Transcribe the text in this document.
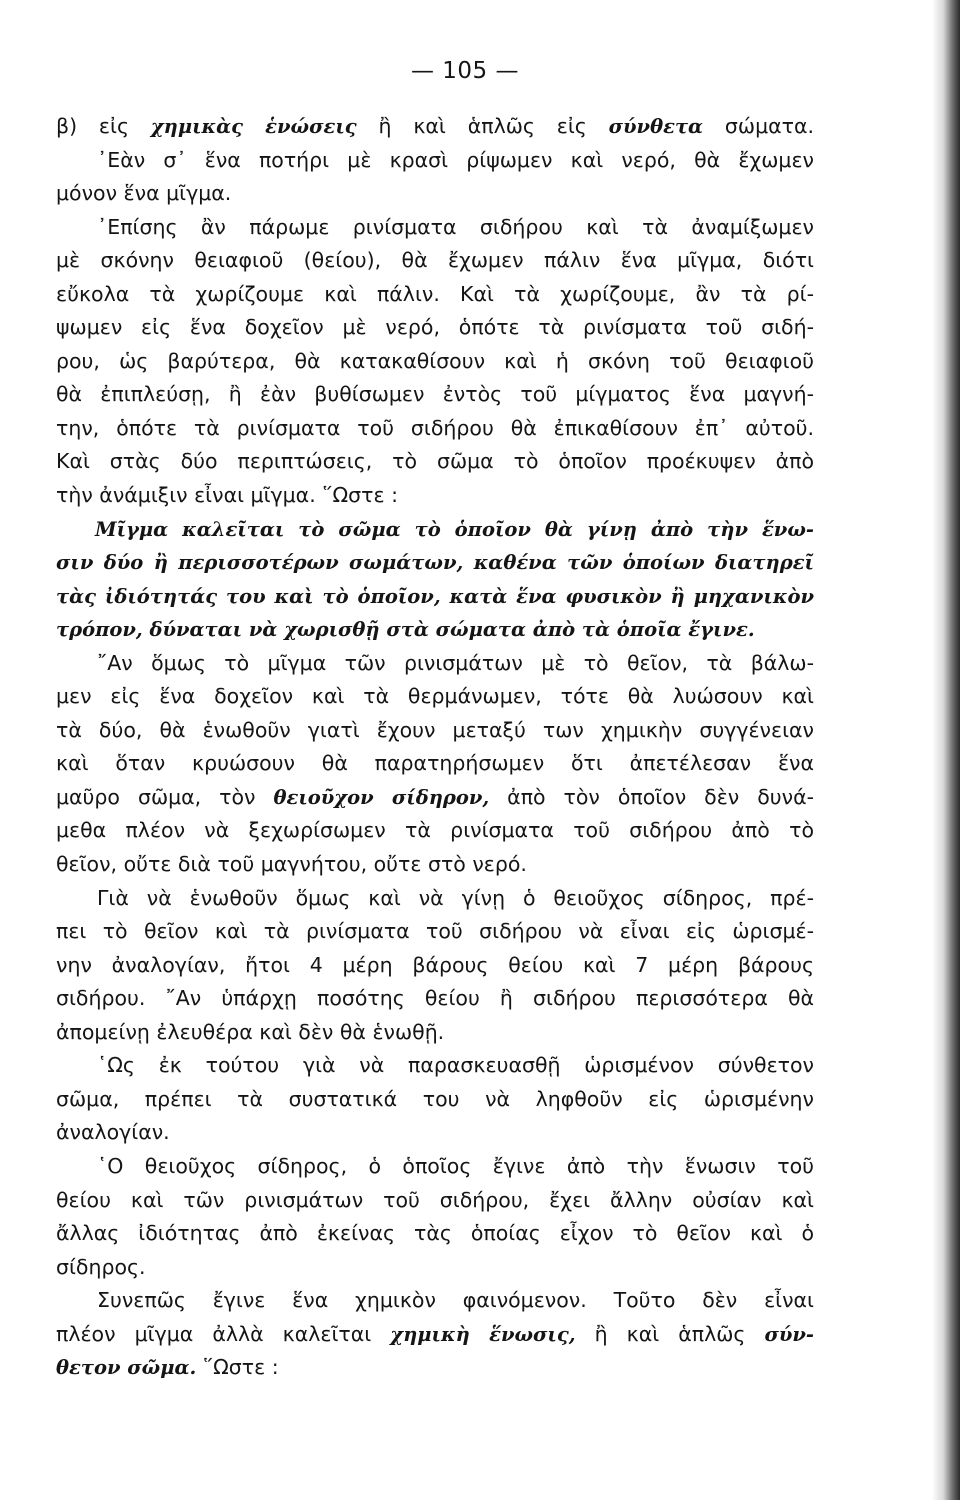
— 105 —
β) εἰς χημικὰς ἑνώσεις ἢ καὶ ἁπλῶς εἰς σύνθετα σώματα.
  ᾿Εὰν σ᾿ ἕνα ποτήρι μὲ κρασὶ ρίψωμεν καὶ νερό, θὰ ἔχωμεν
μόνον ἕνα μῖγμα.
  ᾿Επίσης ἂν πάρωμε ρινίσματα σιδήρου καὶ τὰ ἀναμίξωμεν
μὲ σκόνην θειαφιοῦ (θείου), θὰ ἔχωμεν πάλιν ἕνα μῖγμα, διότι
εὔκολα τὰ χωρίζουμε καὶ πάλιν. Καὶ τὰ χωρίζουμε, ἂν τὰ ρί-
ψωμεν εἰς ἕνα δοχεῖον μὲ νερό, ὁπότε τὰ ρινίσματα τοῦ σιδή-
ρου, ὡς βαρύτερα, θὰ κατακαθίσουν καὶ ἡ σκόνη τοῦ θειαφιοῦ
θὰ ἐπιπλεύσῃ, ἢ ἐὰν βυθίσωμεν ἐντὸς τοῦ μίγματος ἕνα μαγνή-
την, ὁπότε τὰ ρινίσματα τοῦ σιδήρου θὰ ἐπικαθίσουν ἐπ᾿ αὐτοῦ.
Καὶ στὰς δύο περιπτώσεις, τὸ σῶμα τὸ ὁποῖον προέκυψεν ἀπὸ
τὴν ἀνάμιξιν εἶναι μῖγμα. ῞Ωστε :
  Μῖγμα καλεῖται τὸ σῶμα τὸ ὁποῖον θὰ γίνῃ ἀπὸ τὴν ἕνω-
σιν δύο ἢ περισσοτέρων σωμάτων, καθένα τῶν ὁποίων διατηρεῖ
τὰς ἰδιότητάς του καὶ τὸ ὁποῖον, κατὰ ἕνα φυσικὸν ἢ μηχανικὸν
τρόπον, δύναται νὰ χωρισθῇ στὰ σώματα ἀπὸ τὰ ὁποῖα ἔγινε.
  ῎Αν ὅμως τὸ μῖγμα τῶν ρινισμάτων μὲ τὸ θεῖον, τὰ βάλω-
μεν εἰς ἕνα δοχεῖον καὶ τὰ θερμάνωμεν, τότε θὰ λυώσουν καὶ
τὰ δύο, θὰ ἑνωθοῦν γιατὶ ἔχουν μεταξύ των χημικὴν συγγένειαν
καὶ ὅταν κρυώσουν θὰ παρατηρήσωμεν ὅτι ἀπετέλεσαν ἕνα
μαῦρο σῶμα, τὸν θειοῦχον σίδηρον, ἀπὸ τὸν ὁποῖον δὲν δυνά-
μεθα πλέον νὰ ξεχωρίσωμεν τὰ ρινίσματα τοῦ σιδήρου ἀπὸ τὸ
θεῖον, οὔτε διὰ τοῦ μαγνήτου, οὔτε στὸ νερό.
  Γιὰ νὰ ἑνωθοῦν ὅμως καὶ νὰ γίνῃ ὁ θειοῦχος σίδηρος, πρέ-
πει τὸ θεῖον καὶ τὰ ρινίσματα τοῦ σιδήρου νὰ εἶναι εἰς ὡρισμέ-
νην ἀναλογίαν, ἤτοι 4 μέρη βάρους θείου καὶ 7 μέρη βάρους
σιδήρου. ῎Αν ὑπάρχῃ ποσότης θείου ἢ σιδήρου περισσότερα θὰ
ἀπομείνῃ ἐλευθέρα καὶ δὲν θὰ ἑνωθῇ.
  ῾Ως ἐκ τούτου γιὰ νὰ παρασκευασθῇ ὡρισμένον σύνθετον
σῶμα, πρέπει τὰ συστατικά του νὰ ληφθοῦν εἰς ὡρισμένην
ἀναλογίαν.
  ῾Ο θειοῦχος σίδηρος, ὁ ὁποῖος ἔγινε ἀπὸ τὴν ἕνωσιν τοῦ
θείου καὶ τῶν ρινισμάτων τοῦ σιδήρου, ἔχει ἄλλην οὐσίαν καὶ
ἄλλας ἰδιότητας ἀπὸ ἐκείνας τὰς ὁποίας εἶχον τὸ θεῖον καὶ ὁ
σίδηρος.
  Συνεπῶς ἔγινε ἕνα χημικὸν φαινόμενον. Τοῦτο δὲν εἶναι
πλέον μῖγμα ἀλλὰ καλεῖται χημικὴ ἕνωσις, ἢ καὶ ἁπλῶς σύν-
θετον σῶμα. ῞Ωστε :
